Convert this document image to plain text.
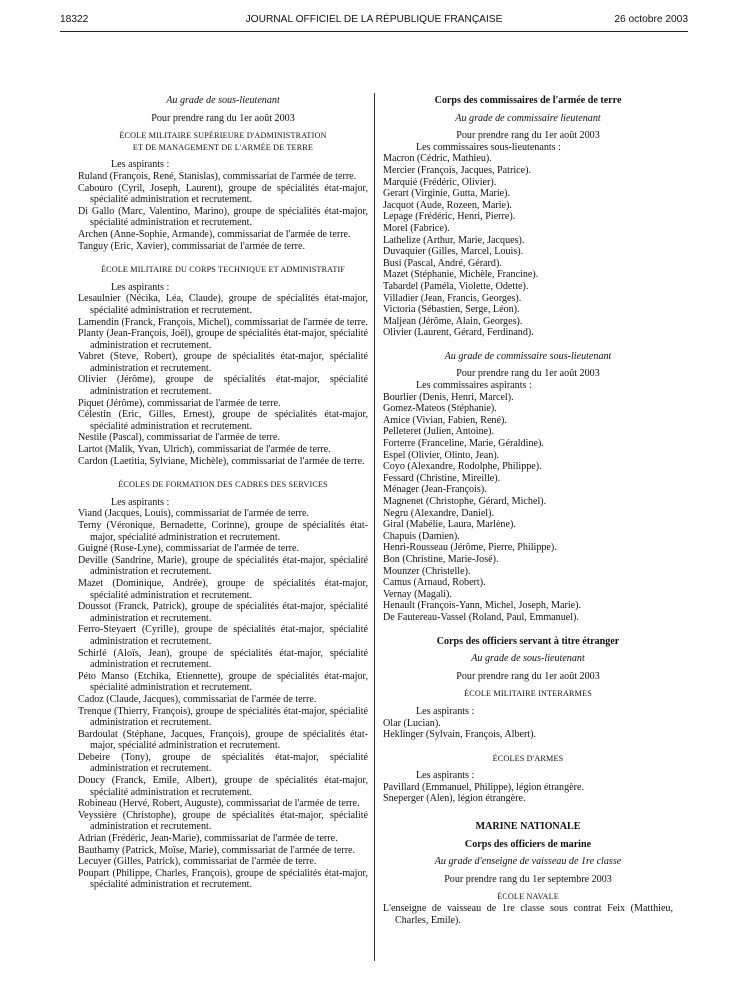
18322	JOURNAL OFFICIEL DE LA RÉPUBLIQUE FRANÇAISE	26 octobre 2003
Au grade de sous-lieutenant
Pour prendre rang du 1er août 2003
ÉCOLE MILITAIRE SUPÉRIEURE D'ADMINISTRATION
ET DE MANAGEMENT DE L'ARMÉE DE TERRE
Les aspirants :
Ruland (François, René, Stanislas), commissariat de l'armée de terre.
Cabouro (Cyril, Joseph, Laurent), groupe de spécialités état-major, spécialité administration et recrutement.
Di Gallo (Marc, Valentino, Marino), groupe de spécialités état-major, spécialité administration et recrutement.
Archen (Anne-Sophie, Armande), commissariat de l'armée de terre.
Tanguy (Eric, Xavier), commissariat de l'armée de terre.
ÉCOLE MILITAIRE DU CORPS TECHNIQUE ET ADMINISTRATIF
Les aspirants :
Lesaulnier (Nécika, Léa, Claude), groupe de spécialités état-major, spécialité administration et recrutement.
Lamendin (Franck, François, Michel), commissariat de l'armée de terre.
Planty (Jean-François, Joël), groupe de spécialités état-major, spécialité administration et recrutement.
Vabret (Steve, Robert), groupe de spécialités état-major, spécialité administration et recrutement.
Olivier (Jérôme), groupe de spécialités état-major, spécialité administration et recrutement.
Piquet (Jérôme), commissariat de l'armée de terre.
Célestin (Eric, Gilles, Ernest), groupe de spécialités état-major, spécialité administration et recrutement.
Nestile (Pascal), commissariat de l'armée de terre.
Lartot (Malik, Yvan, Ulrich), commissariat de l'armée de terre.
Cardon (Laetitia, Sylviane, Michèle), commissariat de l'armée de terre.
ÉCOLES DE FORMATION DES CADRES DES SERVICES
Les aspirants :
Viand (Jacques, Louis), commissariat de l'armée de terre.
Terny (Véronique, Bernadette, Corinne), groupe de spécialités état-major, spécialité administration et recrutement.
Guigné (Rose-Lyne), commissariat de l'armée de terre.
Deville (Sandrine, Marie), groupe de spécialités état-major, spécialité administration et recrutement.
Mazet (Dominique, Andrée), groupe de spécialités état-major, spécialité administration et recrutement.
Doussot (Franck, Patrick), groupe de spécialités état-major, spécialité administration et recrutement.
Ferro-Steyaert (Cyrille), groupe de spécialités état-major, spécialité administration et recrutement.
Schirlé (Aloïs, Jean), groupe de spécialités état-major, spécialité administration et recrutement.
Péto Manso (Etchika, Etiennette), groupe de spécialités état-major, spécialité administration et recrutement.
Cadoz (Claude, Jacques), commissariat de l'armée de terre.
Trenque (Thierry, François), groupe de spécialités état-major, spécialité administration et recrutement.
Bardoulat (Stéphane, Jacques, François), groupe de spécialités état-major, spécialité administration et recrutement.
Debeire (Tony), groupe de spécialités état-major, spécialité administration et recrutement.
Doucy (Franck, Emile, Albert), groupe de spécialités état-major, spécialité administration et recrutement.
Robineau (Hervé, Robert, Auguste), commissariat de l'armée de terre.
Veyssière (Christophe), groupe de spécialités état-major, spécialité administration et recrutement.
Adrian (Frédéric, Jean-Marie), commissariat de l'armée de terre.
Bauthamy (Patrick, Moïse, Marie), commissariat de l'armée de terre.
Lecuyer (Gilles, Patrick), commissariat de l'armée de terre.
Poupart (Philippe, Charles, François), groupe de spécialités état-major, spécialité administration et recrutement.
Corps des commissaires de l'armée de terre
Au grade de commissaire lieutenant
Pour prendre rang du 1er août 2003
Les commissaires sous-lieutenants :
Macron (Cédric, Mathieu).
Mercier (François, Jacques, Patrice).
Marquié (Frédéric, Olivier).
Gerart (Virginie, Gutta, Marie).
Jacquot (Aude, Rozeen, Marie).
Lepage (Frédéric, Henri, Pierre).
Morel (Fabrice).
Lathelize (Arthur, Marie, Jacques).
Duvaquier (Gilles, Marcel, Louis).
Busi (Pascal, André, Gérard).
Mazet (Stéphanie, Michèle, Francine).
Tabardel (Paméla, Violette, Odette).
Villadier (Jean, Francis, Georges).
Victoria (Sébastien, Serge, Léon).
Maljean (Jérôme, Alain, Georges).
Olivier (Laurent, Gérard, Ferdinand).
Au grade de commissaire sous-lieutenant
Pour prendre rang du 1er août 2003
Les commissaires aspirants :
Bourlier (Denis, Henri, Marcel).
Gomez-Mateos (Stéphanie).
Amice (Vivian, Fabien, René).
Pelleteret (Julien, Antoine).
Forterre (Franceline, Marie, Géraldine).
Espel (Olivier, Olinto, Jean).
Coyo (Alexandre, Rodolphe, Philippe).
Fessard (Christine, Mireille).
Ménager (Jean-François).
Magnenet (Christophe, Gérard, Michel).
Negru (Alexandre, Daniel).
Giral (Mabélie, Laura, Marlène).
Chapuis (Damien).
Henri-Rousseau (Jérôme, Pierre, Philippe).
Bon (Christine, Marie-José).
Mounzer (Christelle).
Camus (Arnaud, Robert).
Vernay (Magali).
Henault (François-Yann, Michel, Joseph, Marie).
De Fautereau-Vassel (Roland, Paul, Emmanuel).
Corps des officiers servant à titre étranger
Au grade de sous-lieutenant
Pour prendre rang du 1er août 2003
ÉCOLE MILITAIRE INTERARMES
Les aspirants :
Olar (Lucian).
Heklinger (Sylvain, François, Albert).
ÉCOLES D'ARMES
Les aspirants :
Pavillard (Emmanuel, Philippe), légion étrangère.
Sneperger (Alen), légion étrangère.
MARINE NATIONALE
Corps des officiers de marine
Au grade d'enseigne de vaisseau de 1re classe
Pour prendre rang du 1er septembre 2003
ÉCOLE NAVALE
L'enseigne de vaisseau de 1re classe sous contrat Feix (Matthieu, Charles, Emile).
